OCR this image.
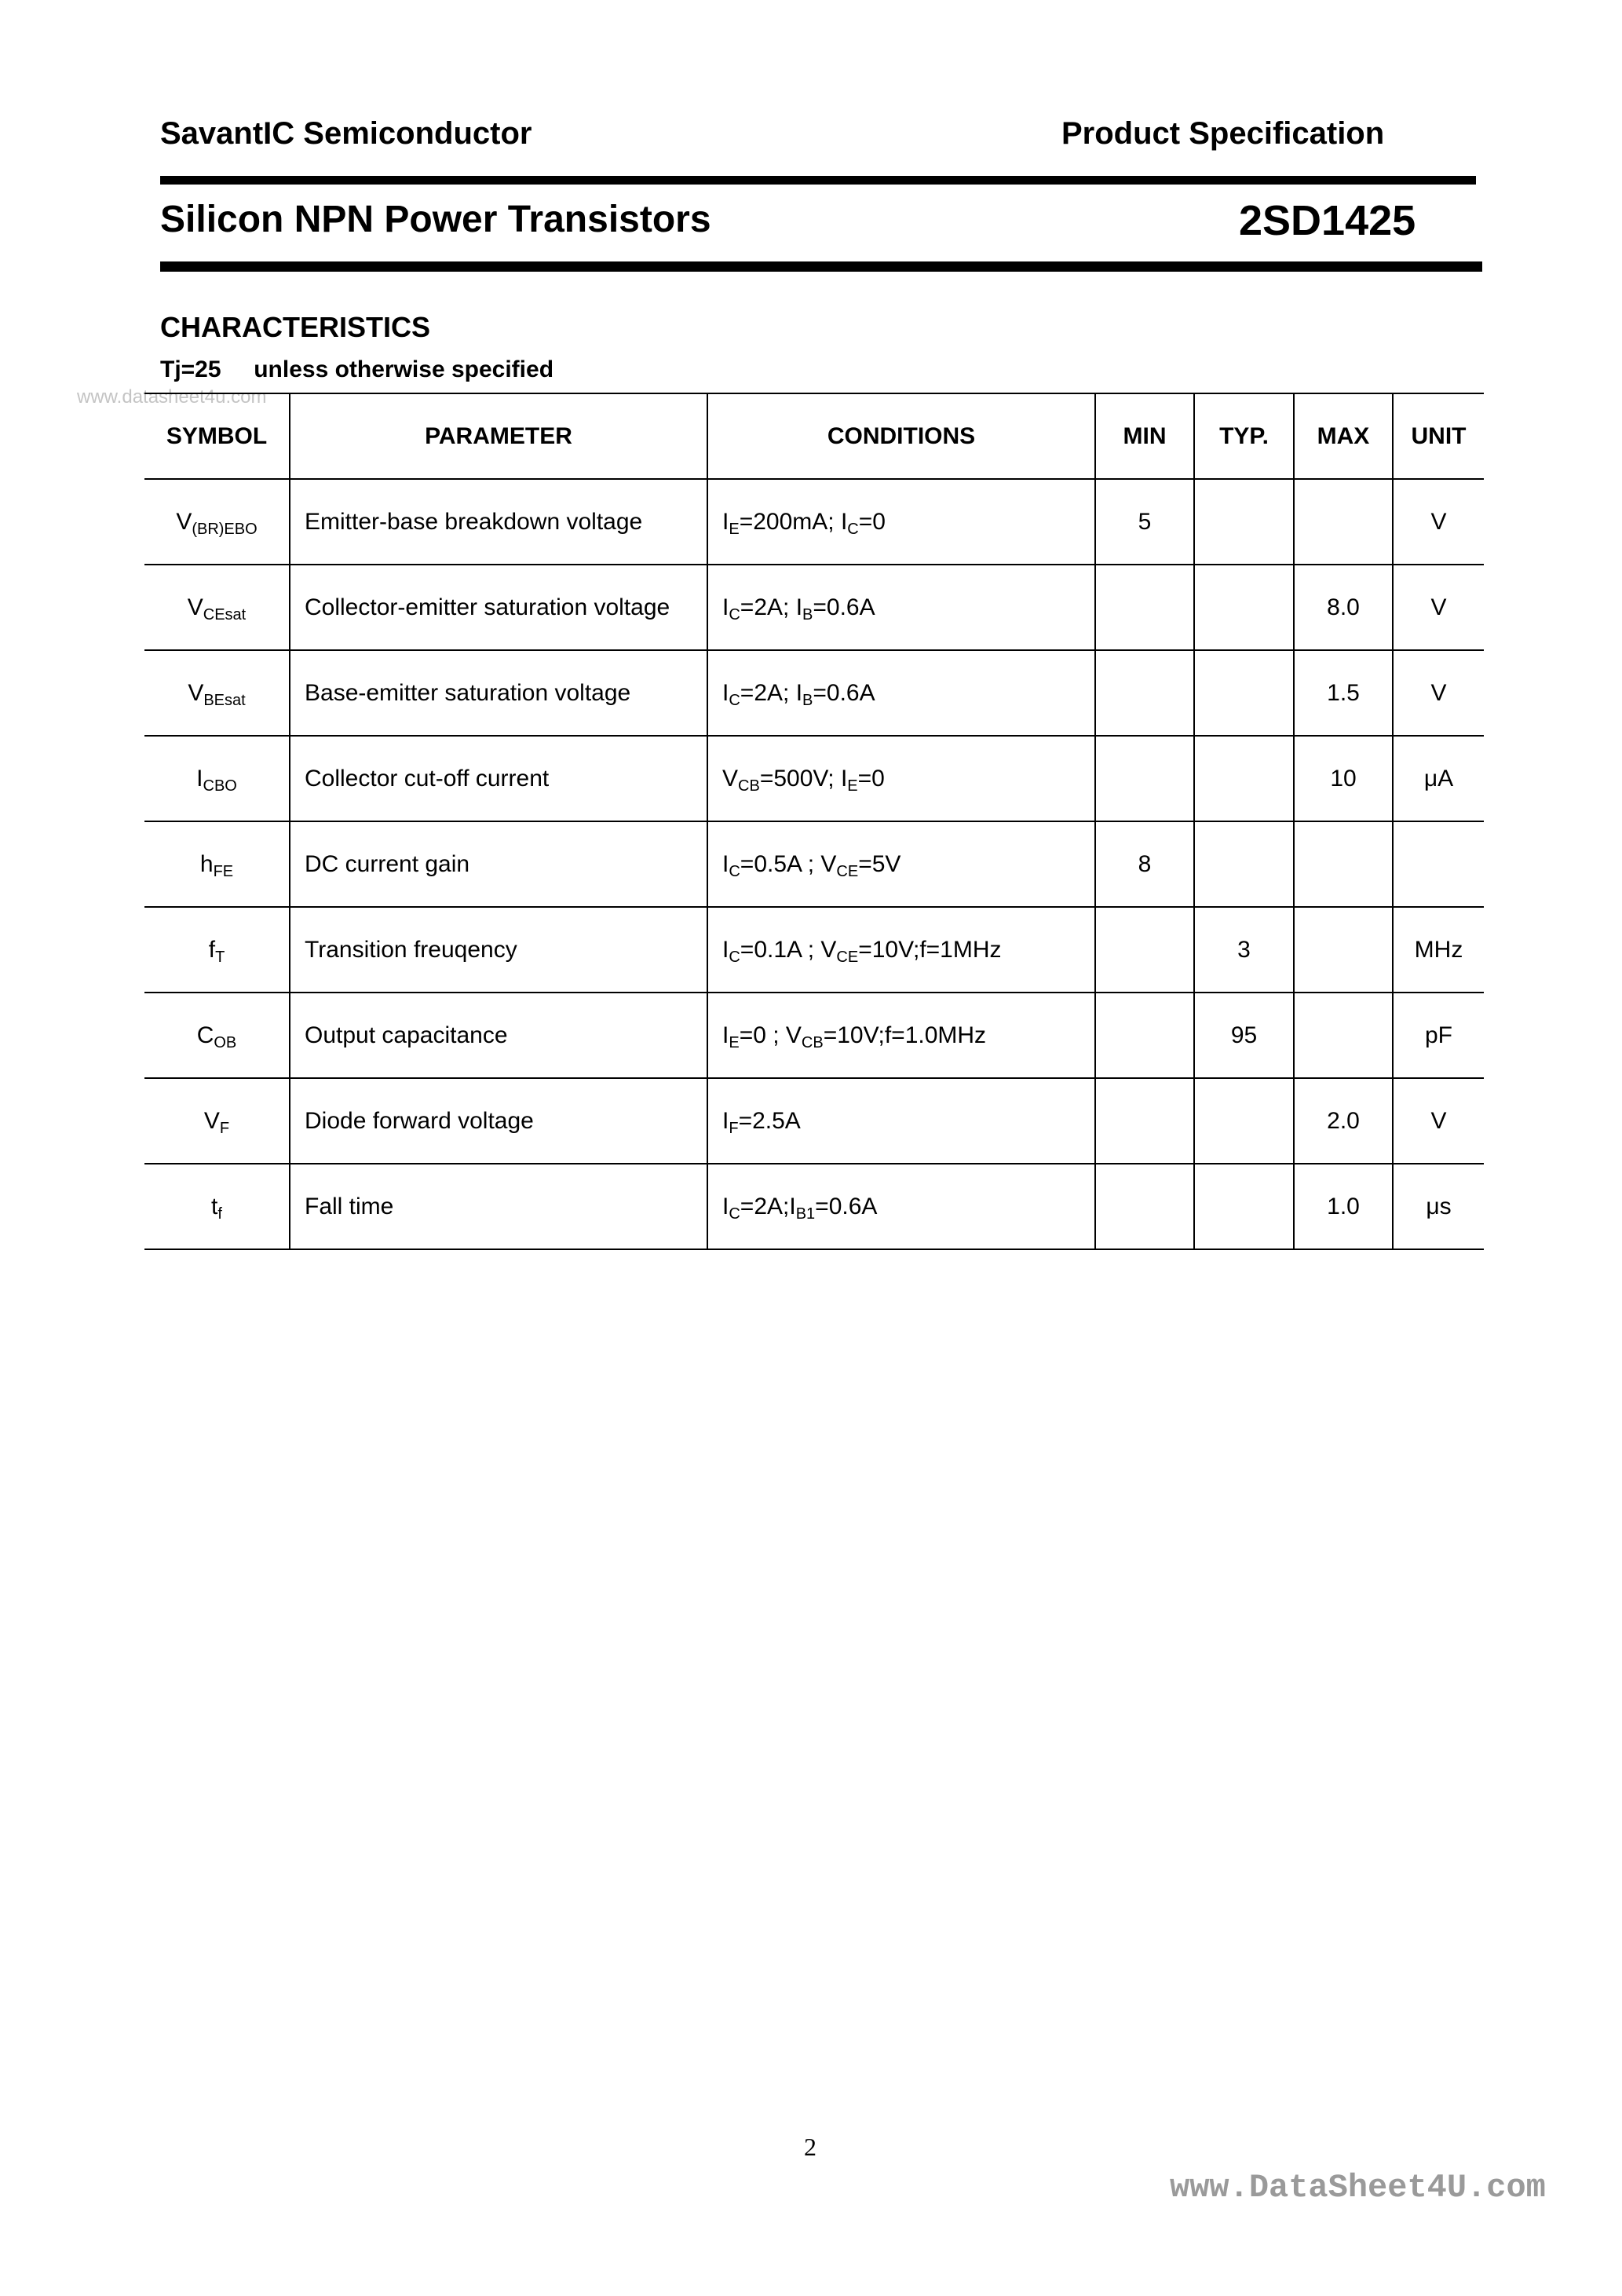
SavantIC Semiconductor	Product Specification
Silicon NPN Power Transistors	2SD1425
CHARACTERISTICS
Tj=25     unless otherwise specified
www.datasheet4u.com
SYMBOL	PARAMETER	CONDITIONS	MIN	TYP.	MAX	UNIT
$V_{(BR)EBO}$	Emitter-base breakdown voltage	$I_E=200mA$; $I_C=0$	5			V
$V_{CEsat}$	Collector-emitter saturation voltage	$I_C=2A$; $I_B=0.6A$			8.0	V
$V_{BEsat}$	Base-emitter saturation voltage	$I_C=2A$; $I_B=0.6A$			1.5	V
$I_{CBO}$	Collector cut-off current	$V_{CB}=500V$; $I_E=0$			10	μA
$h_{FE}$	DC current gain	$I_C=0.5A$ ; $V_{CE}=5V$	8			
$f_T$	Transition freuqency	$I_C=0.1A$ ; $V_{CE}=10V;f=1MHz$		3		MHz
$C_{OB}$	Output capacitance	$I_E=0$ ; $V_{CB}=10V;f=1.0MHz$		95		pF
$V_F$	Diode forward voltage	$I_F=2.5A$			2.0	V
$t_f$	Fall time	$I_C=2A;I_{B1}=0.6A$			1.0	μs
2
www.DataSheet4U.com
